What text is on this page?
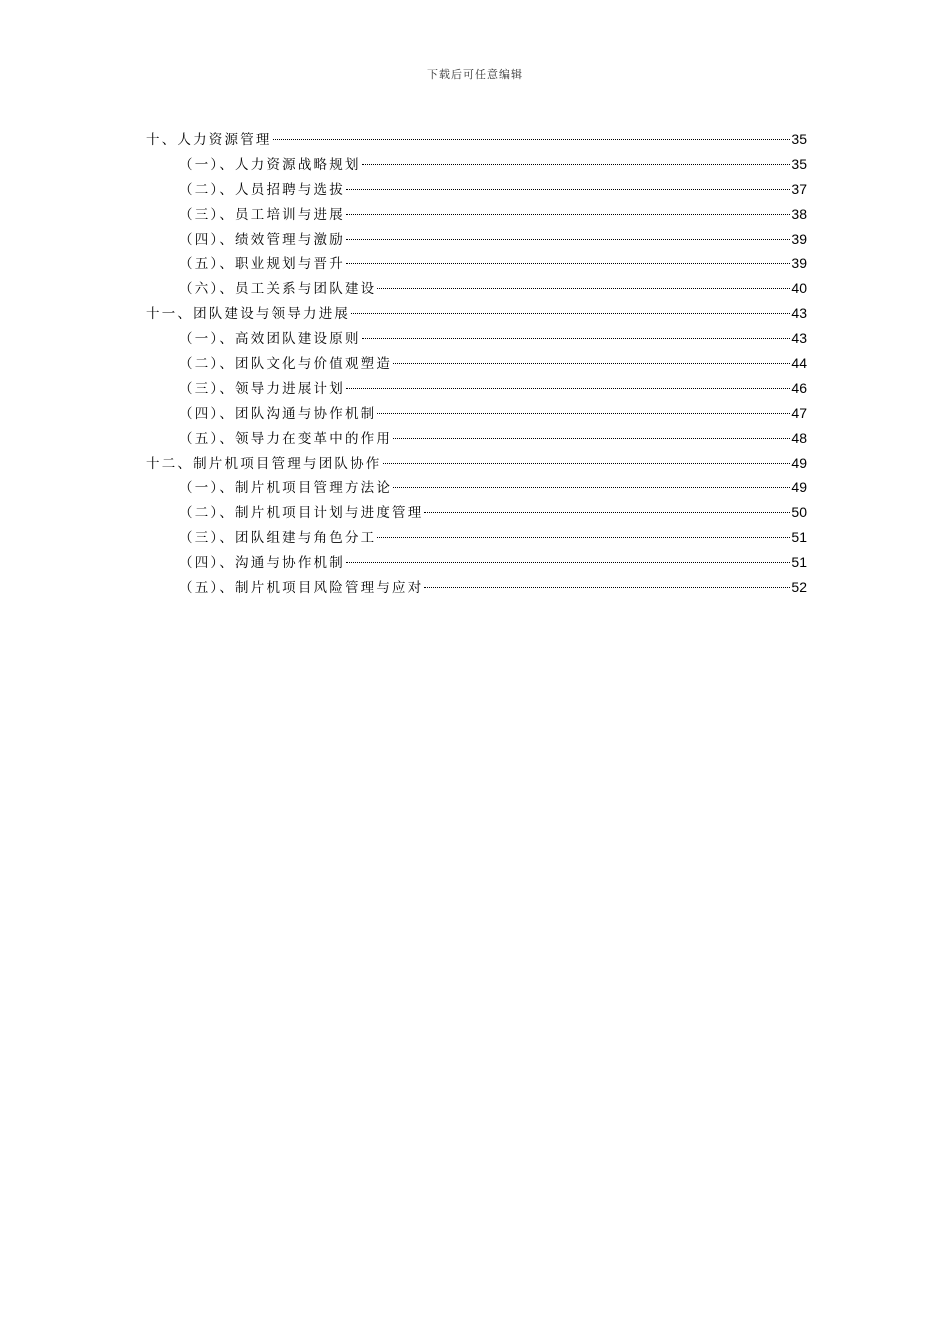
下载后可任意编辑
十、人力资源管理	35
（一）、人力资源战略规划	35
（二）、人员招聘与选拔	37
（三）、员工培训与进展	38
（四）、绩效管理与激励	39
（五）、职业规划与晋升	39
（六）、员工关系与团队建设	40
十一、团队建设与领导力进展	43
（一）、高效团队建设原则	43
（二）、团队文化与价值观塑造	44
（三）、领导力进展计划	46
（四）、团队沟通与协作机制	47
（五）、领导力在变革中的作用	48
十二、制片机项目管理与团队协作	49
（一）、制片机项目管理方法论	49
（二）、制片机项目计划与进度管理	50
（三）、团队组建与角色分工	51
（四）、沟通与协作机制	51
（五）、制片机项目风险管理与应对	52
